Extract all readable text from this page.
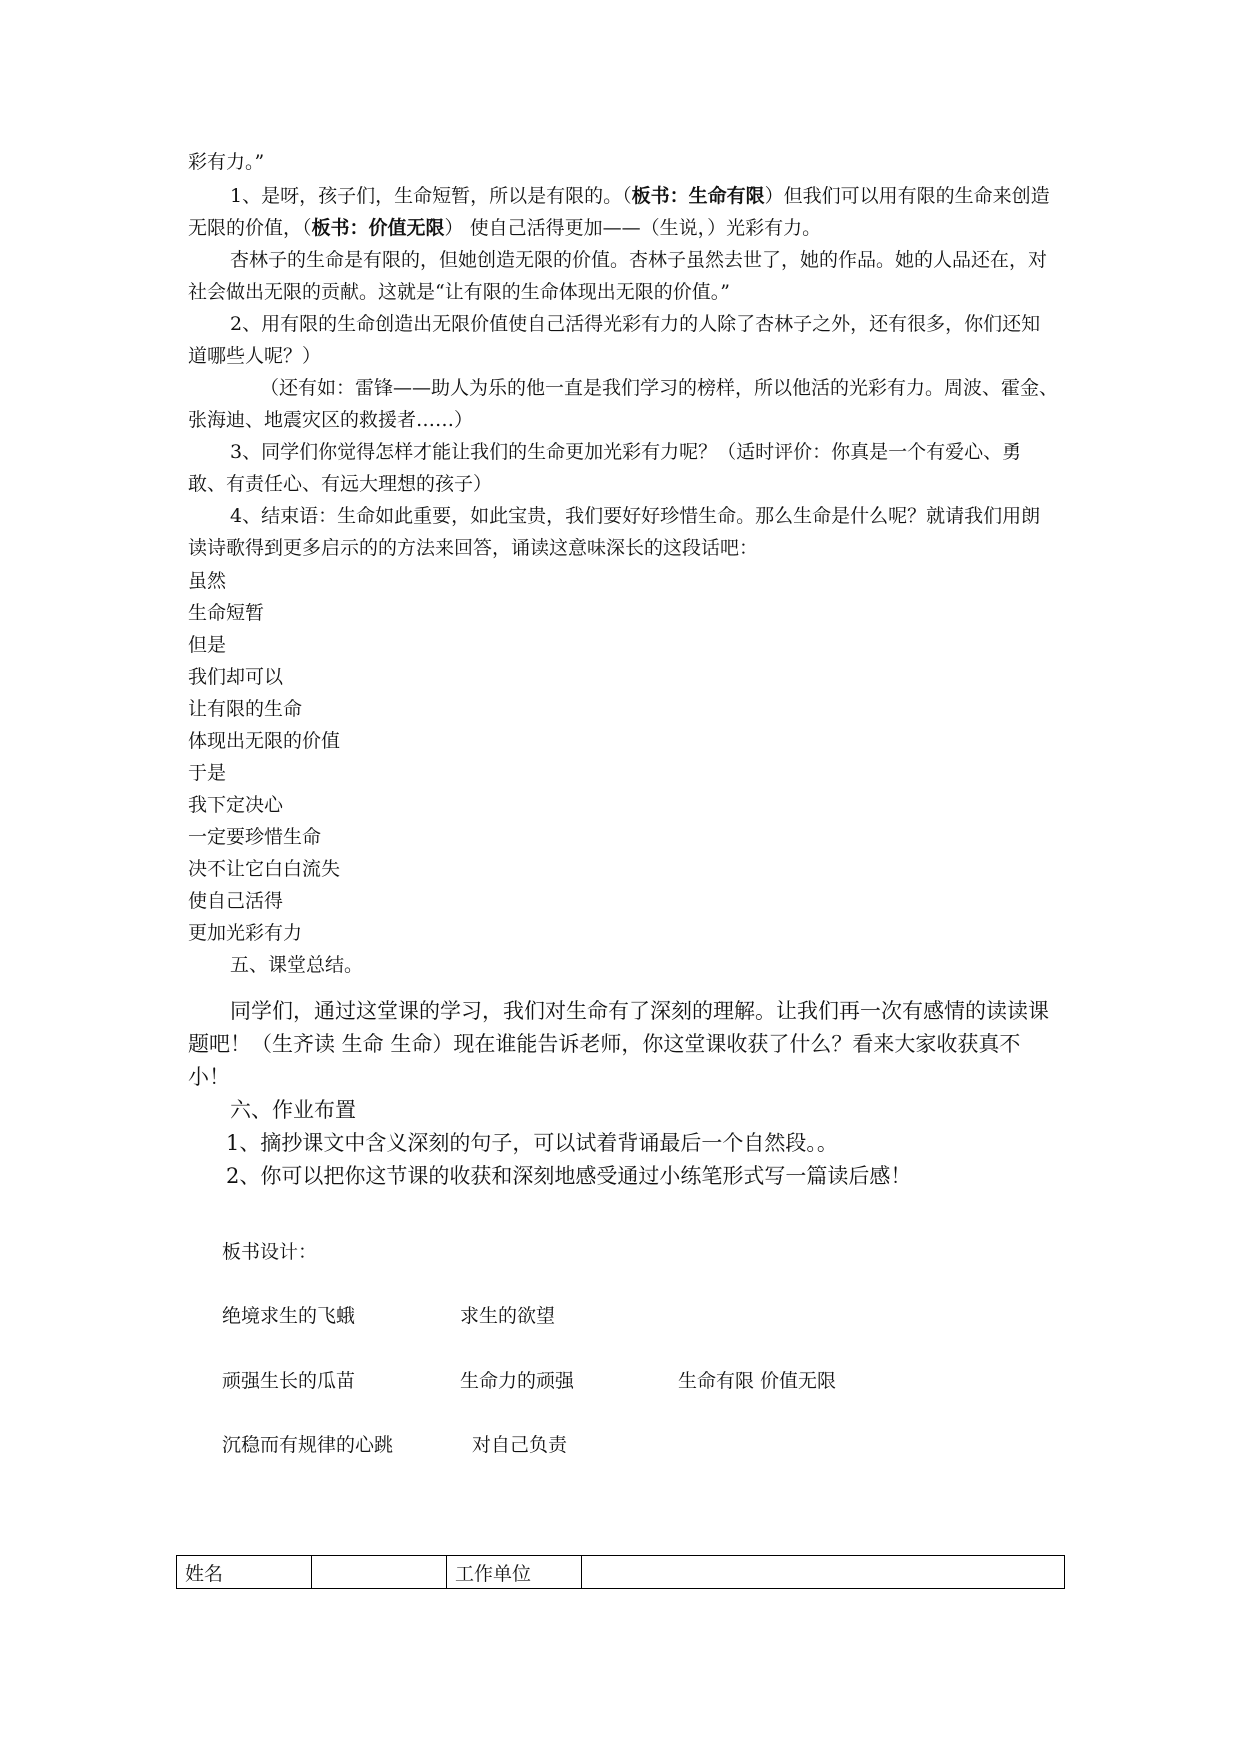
彩有力。”

1、是呀，孩子们，生命短暂，所以是有限的。（板书：生命有限）但我们可以用有限的生命来创造无限的价值，（板书：价值无限） 使自己活得更加——（生说，）光彩有力。

杏林子的生命是有限的，但她创造无限的价值。杏林子虽然去世了，她的作品。她的人品还在，对社会做出无限的贡献。这就是“让有限的生命体现出无限的价值。”

2、用有限的生命创造出无限价值使自己活得光彩有力的人除了杏林子之外，还有很多，你们还知道哪些人呢？）

（还有如：雷锋——助人为乐的他一直是我们学习的榜样，所以他活的光彩有力。周波、霍金、张海迪、地震灾区的救援者……）

3、同学们你觉得怎样才能让我们的生命更加光彩有力呢？（适时评价：你真是一个有爱心、勇敢、有责任心、有远大理想的孩子）

4、结束语：生命如此重要，如此宝贵，我们要好好珍惜生命。那么生命是什么呢？就请我们用朗读诗歌得到更多启示的的方法来回答，诵读这意味深长的这段话吧：

虽然

生命短暂

但是

我们却可以

让有限的生命

体现出无限的价值

于是

我下定决心

一定要珍惜生命

决不让它白白流失

使自己活得

更加光彩有力

五、课堂总结。

同学们，通过这堂课的学习，我们对生命有了深刻的理解。让我们再一次有感情的读读课题吧！（生齐读 生命 生命）现在谁能告诉老师，你这堂课收获了什么？看来大家收获真不小！

六、作业布置

1、摘抄课文中含义深刻的句子，可以试着背诵最后一个自然段。。

2、你可以把你这节课的收获和深刻地感受通过小练笔形式写一篇读后感！

板书设计：
绝境求生的飞蛾	求生的欲望
顽强生长的瓜苗	生命力的顽强	生命有限 价值无限
沉稳而有规律的心跳	对自己负责
姓名		工作单位	
